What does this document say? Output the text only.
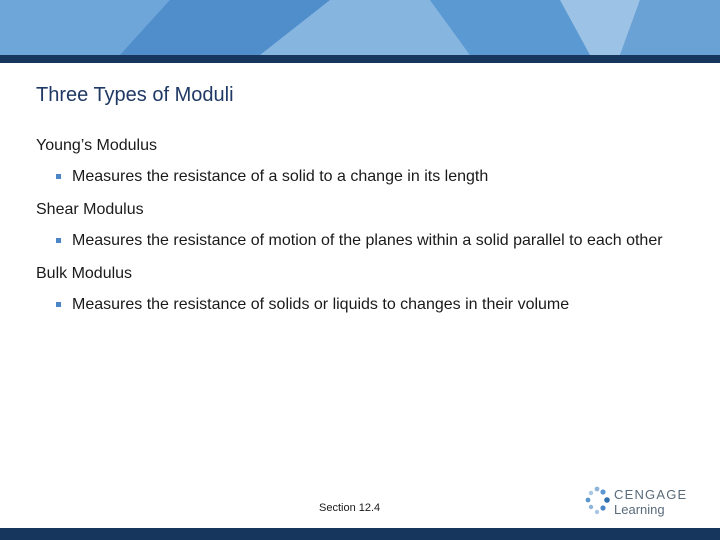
Three Types of Moduli
Young’s Modulus
Measures the resistance of a solid to a change in its length
Shear Modulus
Measures the resistance of motion of the planes within a solid parallel to each other
Bulk Modulus
Measures the resistance of solids or liquids to changes in their volume
Section 12.4
CENGAGE
Learning
